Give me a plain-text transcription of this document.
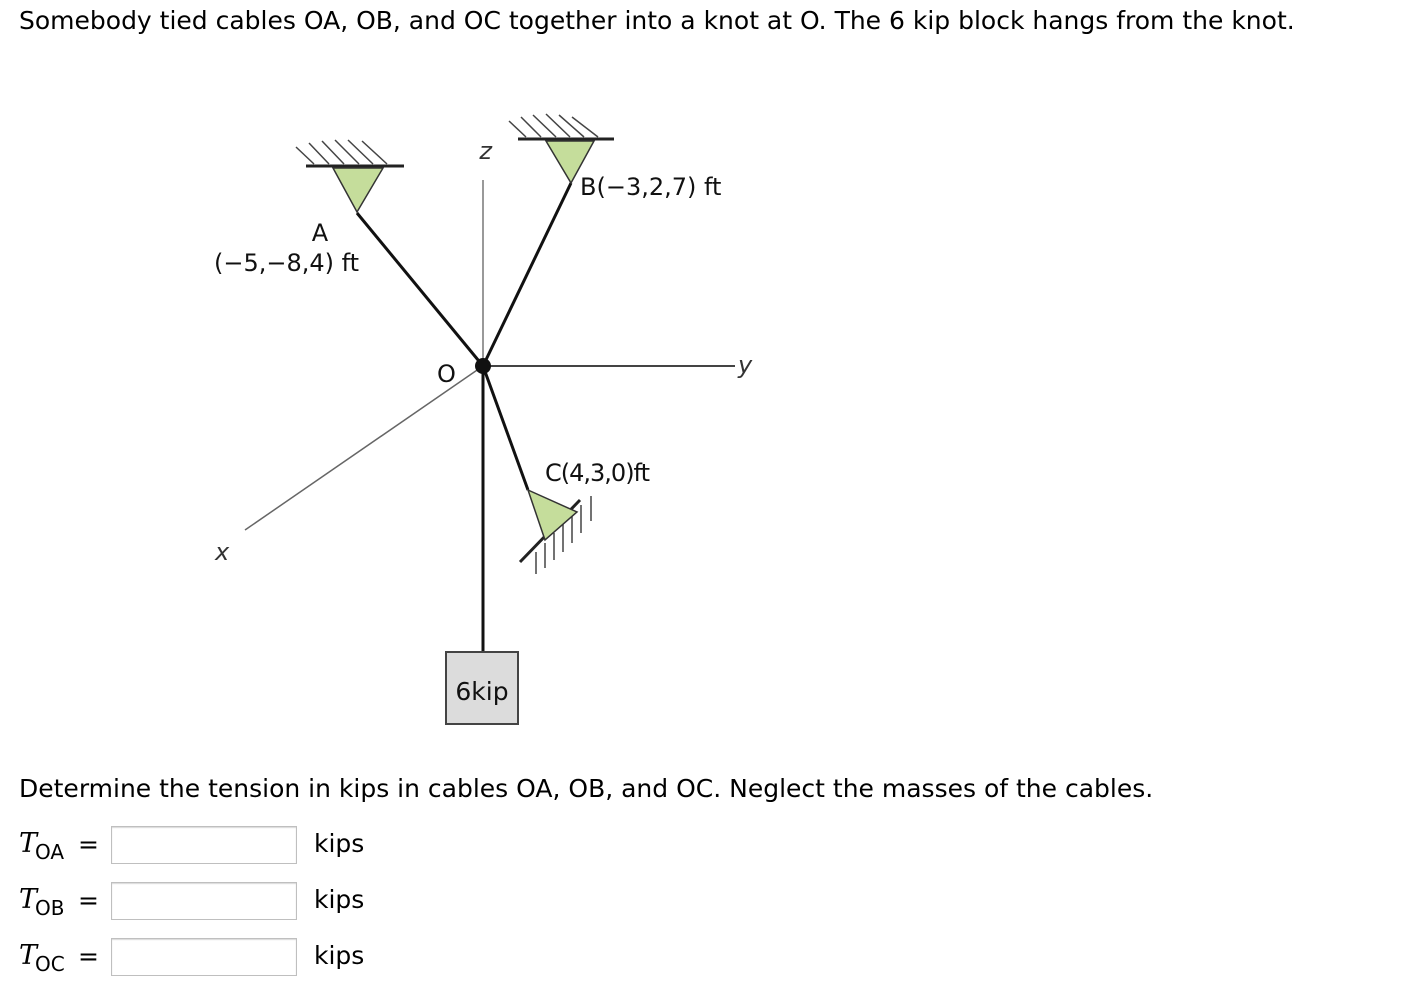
Somebody tied cables OA, OB, and OC together into a knot at O. The 6 kip block hangs from the knot.
z
y
x
O
A
(−5,−8,4) ft
B(−3,2,7) ft
C(4,3,0)ft
6kip
Determine the tension in kips in cables OA, OB, and OC. Neglect the masses of the cables.
$T_{OA}$ =	kips
$T_{OB}$ =	kips
$T_{OC}$ =	kips
